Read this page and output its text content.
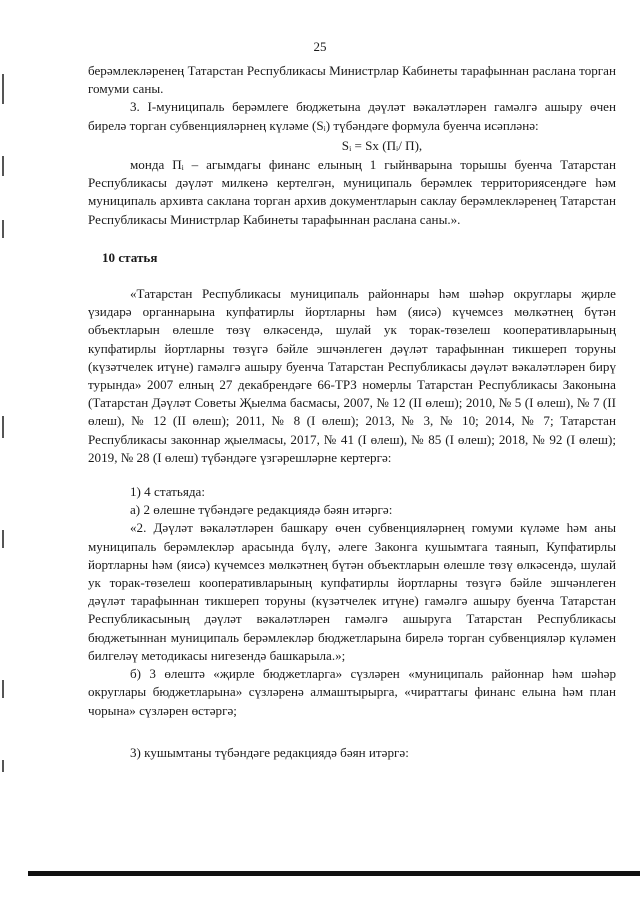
25

берәмлекләренең Татарстан Республикасы Министрлар Кабинеты тарафыннан раслана торган гомуми саны.

3. I-муниципаль берәмлеге бюджетына дәүләт вәкаләтләрен гамәлгә ашыру өчен бирелә торган субвенцияләрнең күләме (Sᵢ) түбәндәге формула буенча исәпләнә:

Sᵢ = Sх (Пᵢ/ П),

монда Пᵢ – агымдагы финанс елының 1 гыйнварына торышы буенча Татарстан Республикасы дәүләт милкенә кертелгән, муниципаль берәмлек территориясендәге һәм муниципаль архивта саклана торган архив документларын саклау берәмлекләренең Татарстан Республикасы Министрлар Кабинеты тарафыннан раслана саны.».

10 статья

«Татарстан Республикасы муниципаль районнары һәм шәһәр округлары җирле үзидарә органнарына купфатирлы йортларны һәм (яисә) күчемсез мөлкәтнең бүтән объектларын өлешле төзү өлкәсендә, шулай ук торак-төзелеш кооперативларының купфатирлы йортларны төзүгә бәйле эшчәнлеген дәүләт тарафыннан тикшереп торуны (күзәтчелек итүне) гамәлгә ашыру буенча Татарстан Республикасы дәүләт вәкаләтләрен бирү турында» 2007 елның 27 декабрендәге 66-ТРЗ номерлы Татарстан Республикасы Законына (Татарстан Дәүләт Советы Җыелма басмасы, 2007, № 12 (II өлеш); 2010, № 5 (I өлеш), № 7 (II өлеш), № 12 (II өлеш); 2011, № 8 (I өлеш); 2013, № 3, № 10; 2014, № 7; Татарстан Республикасы законнар җыелмасы, 2017, № 41 (I өлеш), № 85 (I өлеш); 2018, № 92 (I өлеш); 2019, № 28 (I өлеш) түбәндәге үзгәрешләрне кертергә:

1) 4 статьяда:

а) 2 өлешне түбәндәге редакциядә бәян итәргә:

«2. Дәүләт вәкаләтләрен башкару өчен субвенцияләрнең гомуми күләме һәм аны муниципаль берәмлекләр арасында бүлү, әлеге Законга кушымтага таянып, Купфатирлы йортларны һәм (яисә) күчемсез мөлкәтнең бүтән объектларын өлешле төзү өлкәсендә, шулай ук торак-төзелеш кооперативларының купфатирлы йортларны төзүгә бәйле эшчәнлеген дәүләт тарафыннан тикшереп торуны (күзәтчелек итүне) гамәлгә ашыру буенча Татарстан Республикасының дәүләт вәкаләтләрен гамәлгә ашыруга Татарстан Республикасы бюджетыннан муниципаль берәмлекләр бюджетларына бирелә торган субвенцияләр күләмен билгеләү методикасы нигезендә башкарыла.»;

б) 3 өлештә «җирле бюджетларга» сүзләрен «муниципаль районнар һәм шәһәр округлары бюджетларына» сүзләренә алмаштырырга, «чираттагы финанс елына һәм план чорына» сүзләрен өстәргә;

3) кушымтаны түбәндәге редакциядә бәян итәргә:
